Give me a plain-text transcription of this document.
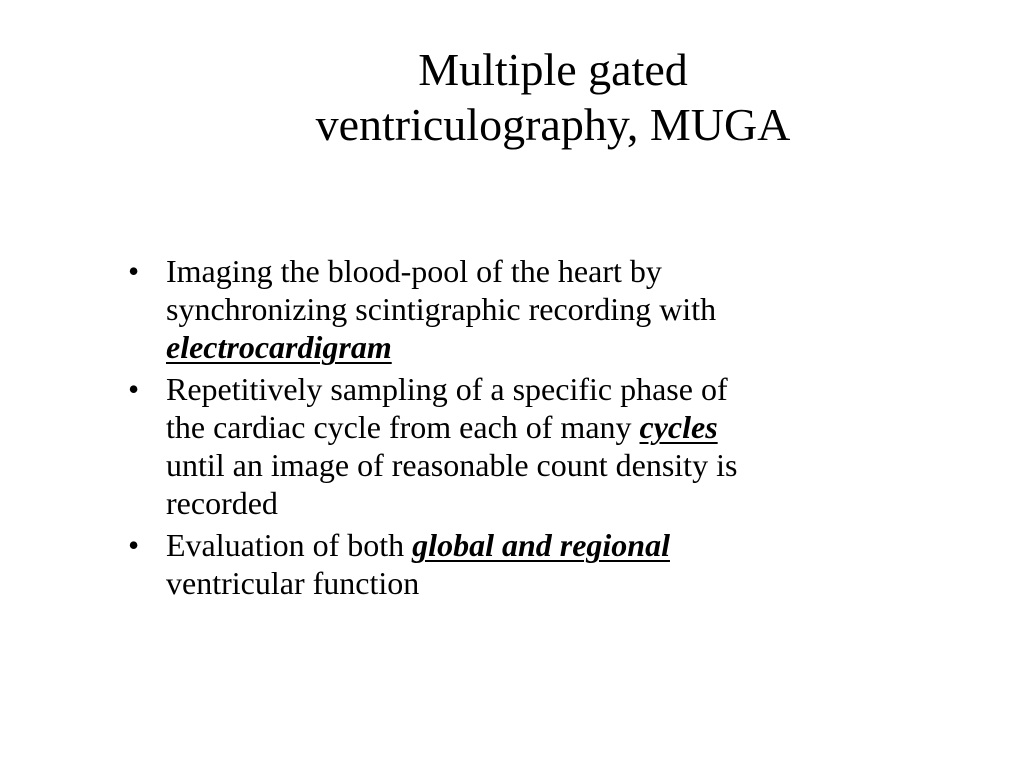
Multiple gated
ventriculography, MUGA
• Imaging the blood-pool of the heart by
synchronizing scintigraphic recording with
electrocardigram
• Repetitively sampling of a specific phase of
the cardiac cycle from each of many cycles
until an image of reasonable count density is
recorded
• Evaluation of both global and regional
ventricular function
